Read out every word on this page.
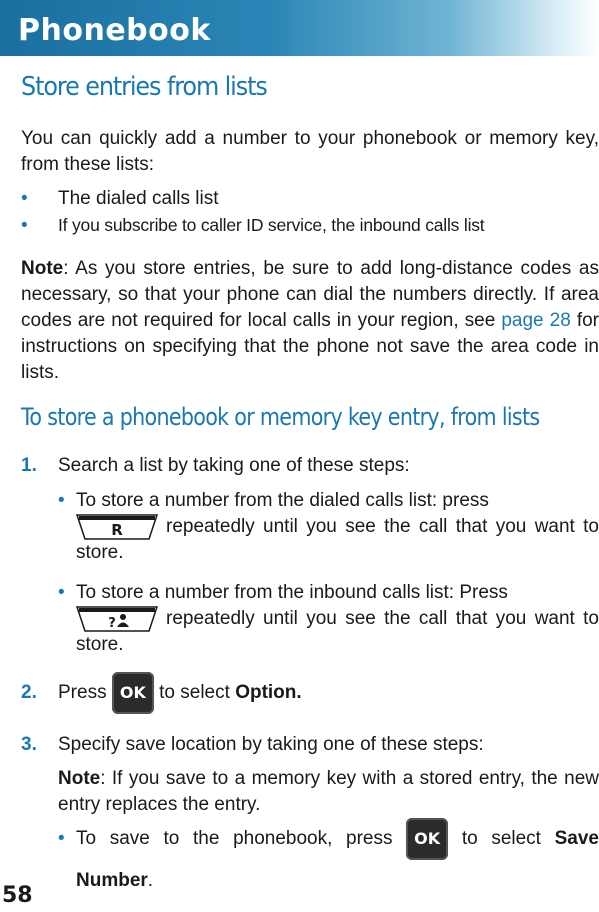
Phonebook
Store entries from lists
You can quickly add a number to your phonebook or memory key, from these lists:
• The dialed calls list
• If you subscribe to caller ID service, the inbound calls list
Note: As you store entries, be sure to add long-distance codes as necessary, so that your phone can dial the numbers directly. If area codes are not required for local calls in your region, see page 28 for instructions on specifying that the phone not save the area code in lists.
To store a phonebook or memory key entry, from lists
1. Search a list by taking one of these steps:
• To store a number from the dialed calls list: press

R repeatedly until you see the call that you want to store.
• To store a number from the inbound calls list: Press

?	repeatedly until you see the call that you want to store.
2. Press OK to select Option.
3. Specify save location by taking one of these steps:
Note: If you save to a memory key with a stored entry, the new entry replaces the entry.
• To save to the phonebook, press OK to select Save Number.
58
